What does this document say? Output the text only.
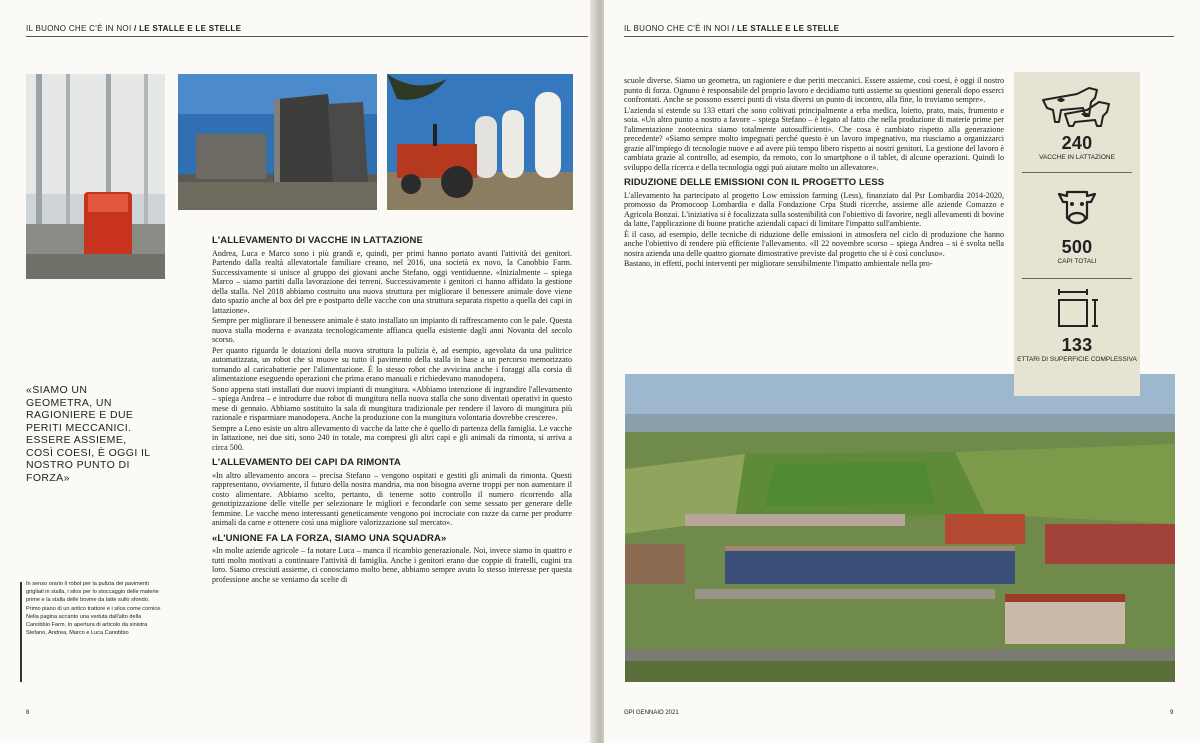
IL BUONO CHE C'È IN NOI / LE STALLE E LE STELLE
«SIAMO UN GEOMETRA, UN RAGIONIERE E DUE PERITI MECCANICI. ESSERE ASSIEME, COSÌ COESI, È OGGI IL NOSTRO PUNTO DI FORZA»
In senso orario il robot per la pulizia dei pavimenti grigliati in stalla, i silos per lo stoccaggio delle materie prime e la stalla delle bovine da latte sullo sfondo. Primo piano di un antico trattore e i silos come cornice. Nella pagina accanto una veduta dall'alto della Canobbio Farm. In apertura di articolo da sinistra Stefano, Andrea, Marco e Luca Canobbio
L'ALLEVAMENTO DI VACCHE IN LATTAZIONE

Andrea, Luca e Marco sono i più grandi e, quindi, per primi hanno portato avanti l'attività dei genitori. Partendo dalla realtà allevatoriale familiare creano, nel 2016, una società ex novo, la Canobbio Farm. Successivamente si unisce al gruppo dei giovani anche Stefano, oggi ventiduenne. «Inizialmente – spiega Marco – siamo partiti dalla lavorazione dei terreni. Successivamente i genitori ci hanno affidato la gestione della stalla. Nel 2018 abbiamo costruito una nuova struttura per migliorare il benessere animale dove viene dato spazio anche al box del pre e postparto delle vacche con una struttura separata rispetto a quella dei capi in lattazione».

Sempre per migliorare il benessere animale è stato installato un impianto di raffrescamento con le pale. Questa nuova stalla moderna e avanzata tecnologicamente affianca quella esistente dagli anni Novanta del secolo scorso.

Per quanto riguarda le dotazioni della nuova struttura la pulizia è, ad esempio, agevolata da una pulitrice automatizzata, un robot che si muove su tutto il pavimento della stalla in base a un percorso memorizzato tornando al caricabatterie per l'alimentazione. È lo stesso robot che avvicina anche i foraggi alla corsia di alimentazione eseguendo operazioni che prima erano manuali e richiedevano manodopera.

Sono appena stati installati due nuovi impianti di mungitura. «Abbiamo intenzione di ingrandire l'allevamento – spiega Andrea – e introdurre due robot di mungitura nella nuova stalla che sono diventati operativi in questo mese di gennaio. Abbiamo sostituito la sala di mungitura tradizionale per rendere il lavoro di mungitura più razionale e risparmiare manodopera. Anche la produzione con la mungitura volontaria dovrebbe crescere».

Sempre a Leno esiste un altro allevamento di vacche da latte che è quello di partenza della famiglia. Le vacche in lattazione, nei due siti, sono 240 in totale, ma compresi gli altri capi e gli animali da rimonta, si arriva a circa 500.

L'ALLEVAMENTO DEI CAPI DA RIMONTA

«In altro allevamento ancora – precisa Stefano – vengono ospitati e gestiti gli animali da rimonta. Questi rappresentano, ovviamente, il futuro della nostra mandria, ma non bisogna averne troppi per non aumentare il costo alimentare. Abbiamo scelto, pertanto, di tenerne sotto controllo il numero ricorrendo alla genotipizzazione delle vitelle per selezionare le migliori e fecondarle con seme sessato per generare delle femmine. Le vacche meno interessanti geneticamente vengono poi incrociate con razze da carne per produrre animali da carne e ottenere così una migliore valorizzazione sul mercato».

«L'UNIONE FA LA FORZA, SIAMO UNA SQUADRA»

«In molte aziende agricole – fa notare Luca – manca il ricambio generazionale. Noi, invece siamo in quattro e tutti molto motivati a continuare l'attività di famiglia. Anche i genitori erano due coppie di fratelli, cugini tra loro. Siamo cresciuti assieme, ci conosciamo molto bene, abbiamo sempre avuto lo stesso interesse per questa professione anche se veniamo da scelte di

8
IL BUONO CHE C'È IN NOI / LE STALLE E LE STELLE

scuole diverse. Siamo un geometra, un ragioniere e due periti meccanici. Essere assieme, così coesi, è oggi il nostro punto di forza. Ognuno è responsabile del proprio lavoro e decidiamo tutti assieme su questioni generali dopo esserci confrontati. Anche se possono esserci punti di vista diversi un punto di incontro, alla fine, lo troviamo sempre».

L'azienda si estende su 133 ettari che sono coltivati principalmente a erba medica, loietto, prato, mais, frumento e soia. «Un altro punto a nostro a favore – spiega Stefano – è legato al fatto che nella produzione di materie prime per l'alimentazione zootecnica siamo totalmente autosufficienti». Che cosa è cambiato rispetto alla generazione precedente? «Siamo sempre molto impegnati perché questo è un lavoro impegnativo, ma riusciamo a organizzarci grazie all'impiego di tecnologie nuove e ad avere più tempo libero rispetto ai nostri genitori. La gestione del lavoro è cambiata grazie al controllo, ad esempio, da remoto, con lo smartphone o il tablet, di alcune operazioni. Quindi lo sviluppo della ricerca e della tecnologia oggi può aiutare molto un allevatore».

RIDUZIONE DELLE EMISSIONI CON IL PROGETTO LESS

L'allevamento ha partecipato al progetto Low emission farming (Less), finanziato dal Psr Lombardia 2014-2020, promosso da Promocoop Lombardia e dalla Fondazione Crpa Studi ricerche, assieme alle aziende Comazzo e Agricola Bonzai. L'iniziativa si è focalizzata sulla sostenibilità con l'obiettivo di favorire, negli allevamenti di bovine da latte, l'applicazione di buone pratiche aziendali capaci di limitare l'impatto sull'ambiente.

È il caso, ad esempio, delle tecniche di riduzione delle emissioni in atmosfera nel ciclo di produzione che hanno anche l'obiettivo di rendere più efficiente l'allevamento. «Il 22 novembre scorso – spiega Andrea – si è svolta nella nostra azienda una delle quattro giornate dimostrative previste dal progetto che si è così concluso».

Bastano, in effetti, pochi interventi per migliorare sensibilmente l'impatto ambientale nella pro-

240
VACCHE IN LATTAZIONE
500
CAPI TOTALI
133
ETTARI DI SUPERFICIE COMPLESSIVA
GPI GENNAIO 2021	9
